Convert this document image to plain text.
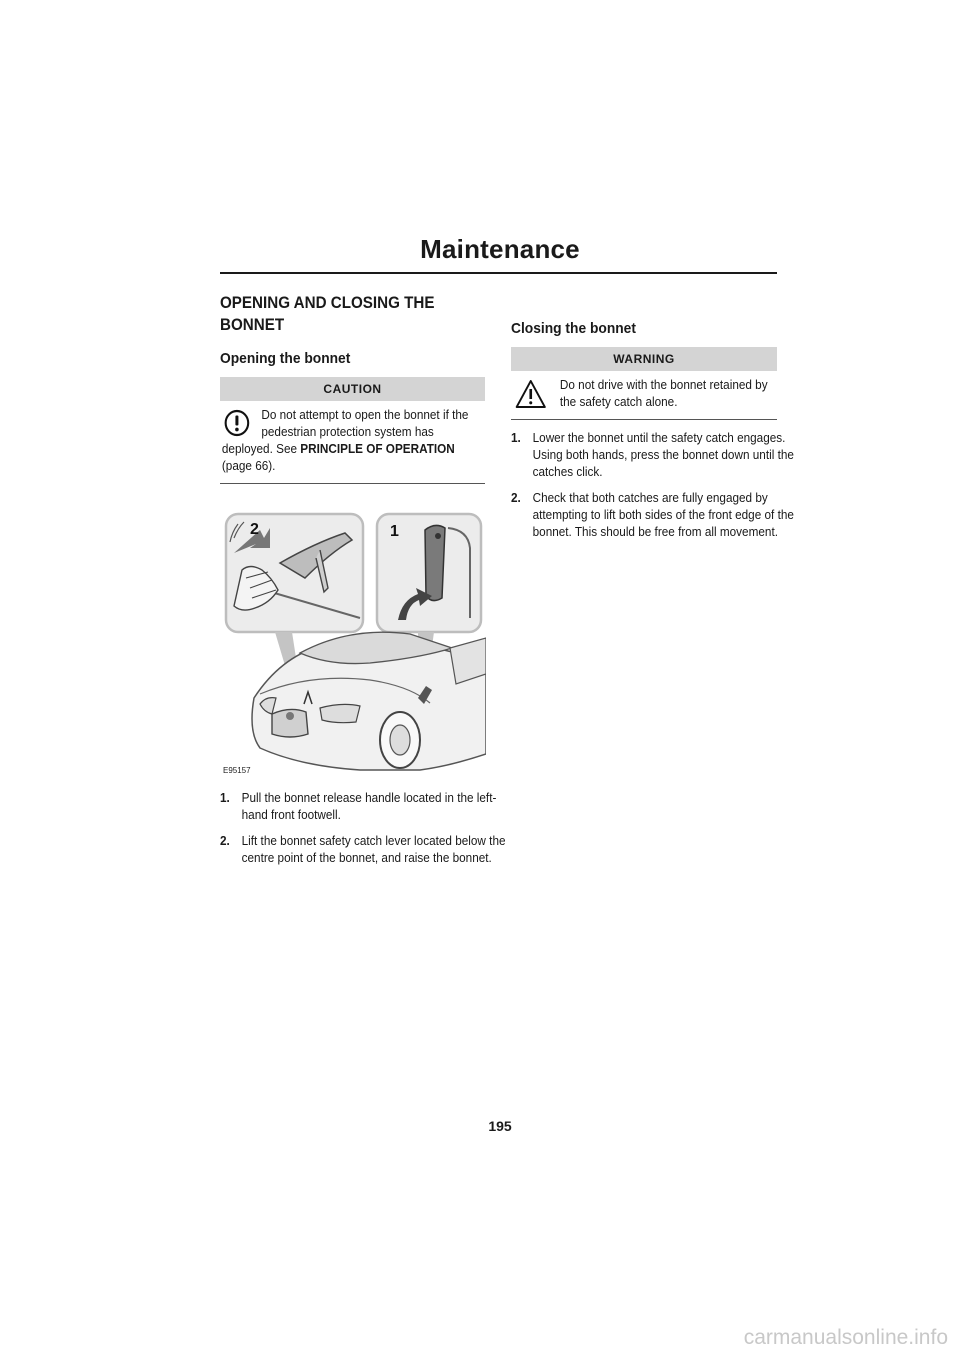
Maintenance
OPENING AND CLOSING THE BONNET
Opening the bonnet
CAUTION
Do not attempt to open the bonnet if the pedestrian protection system has deployed. See PRINCIPLE OF OPERATION (page 66).
2	1
E95157
1. Pull the bonnet release handle located in the left-hand front footwell.
2. Lift the bonnet safety catch lever located below the centre point of the bonnet, and raise the bonnet.
Closing the bonnet
WARNING
Do not drive with the bonnet retained by the safety catch alone.
1. Lower the bonnet until the safety catch engages. Using both hands, press the bonnet down until the catches click.
2. Check that both catches are fully engaged by attempting to lift both sides of the front edge of the bonnet. This should be free from all movement.
195
carmanualsonline.info
